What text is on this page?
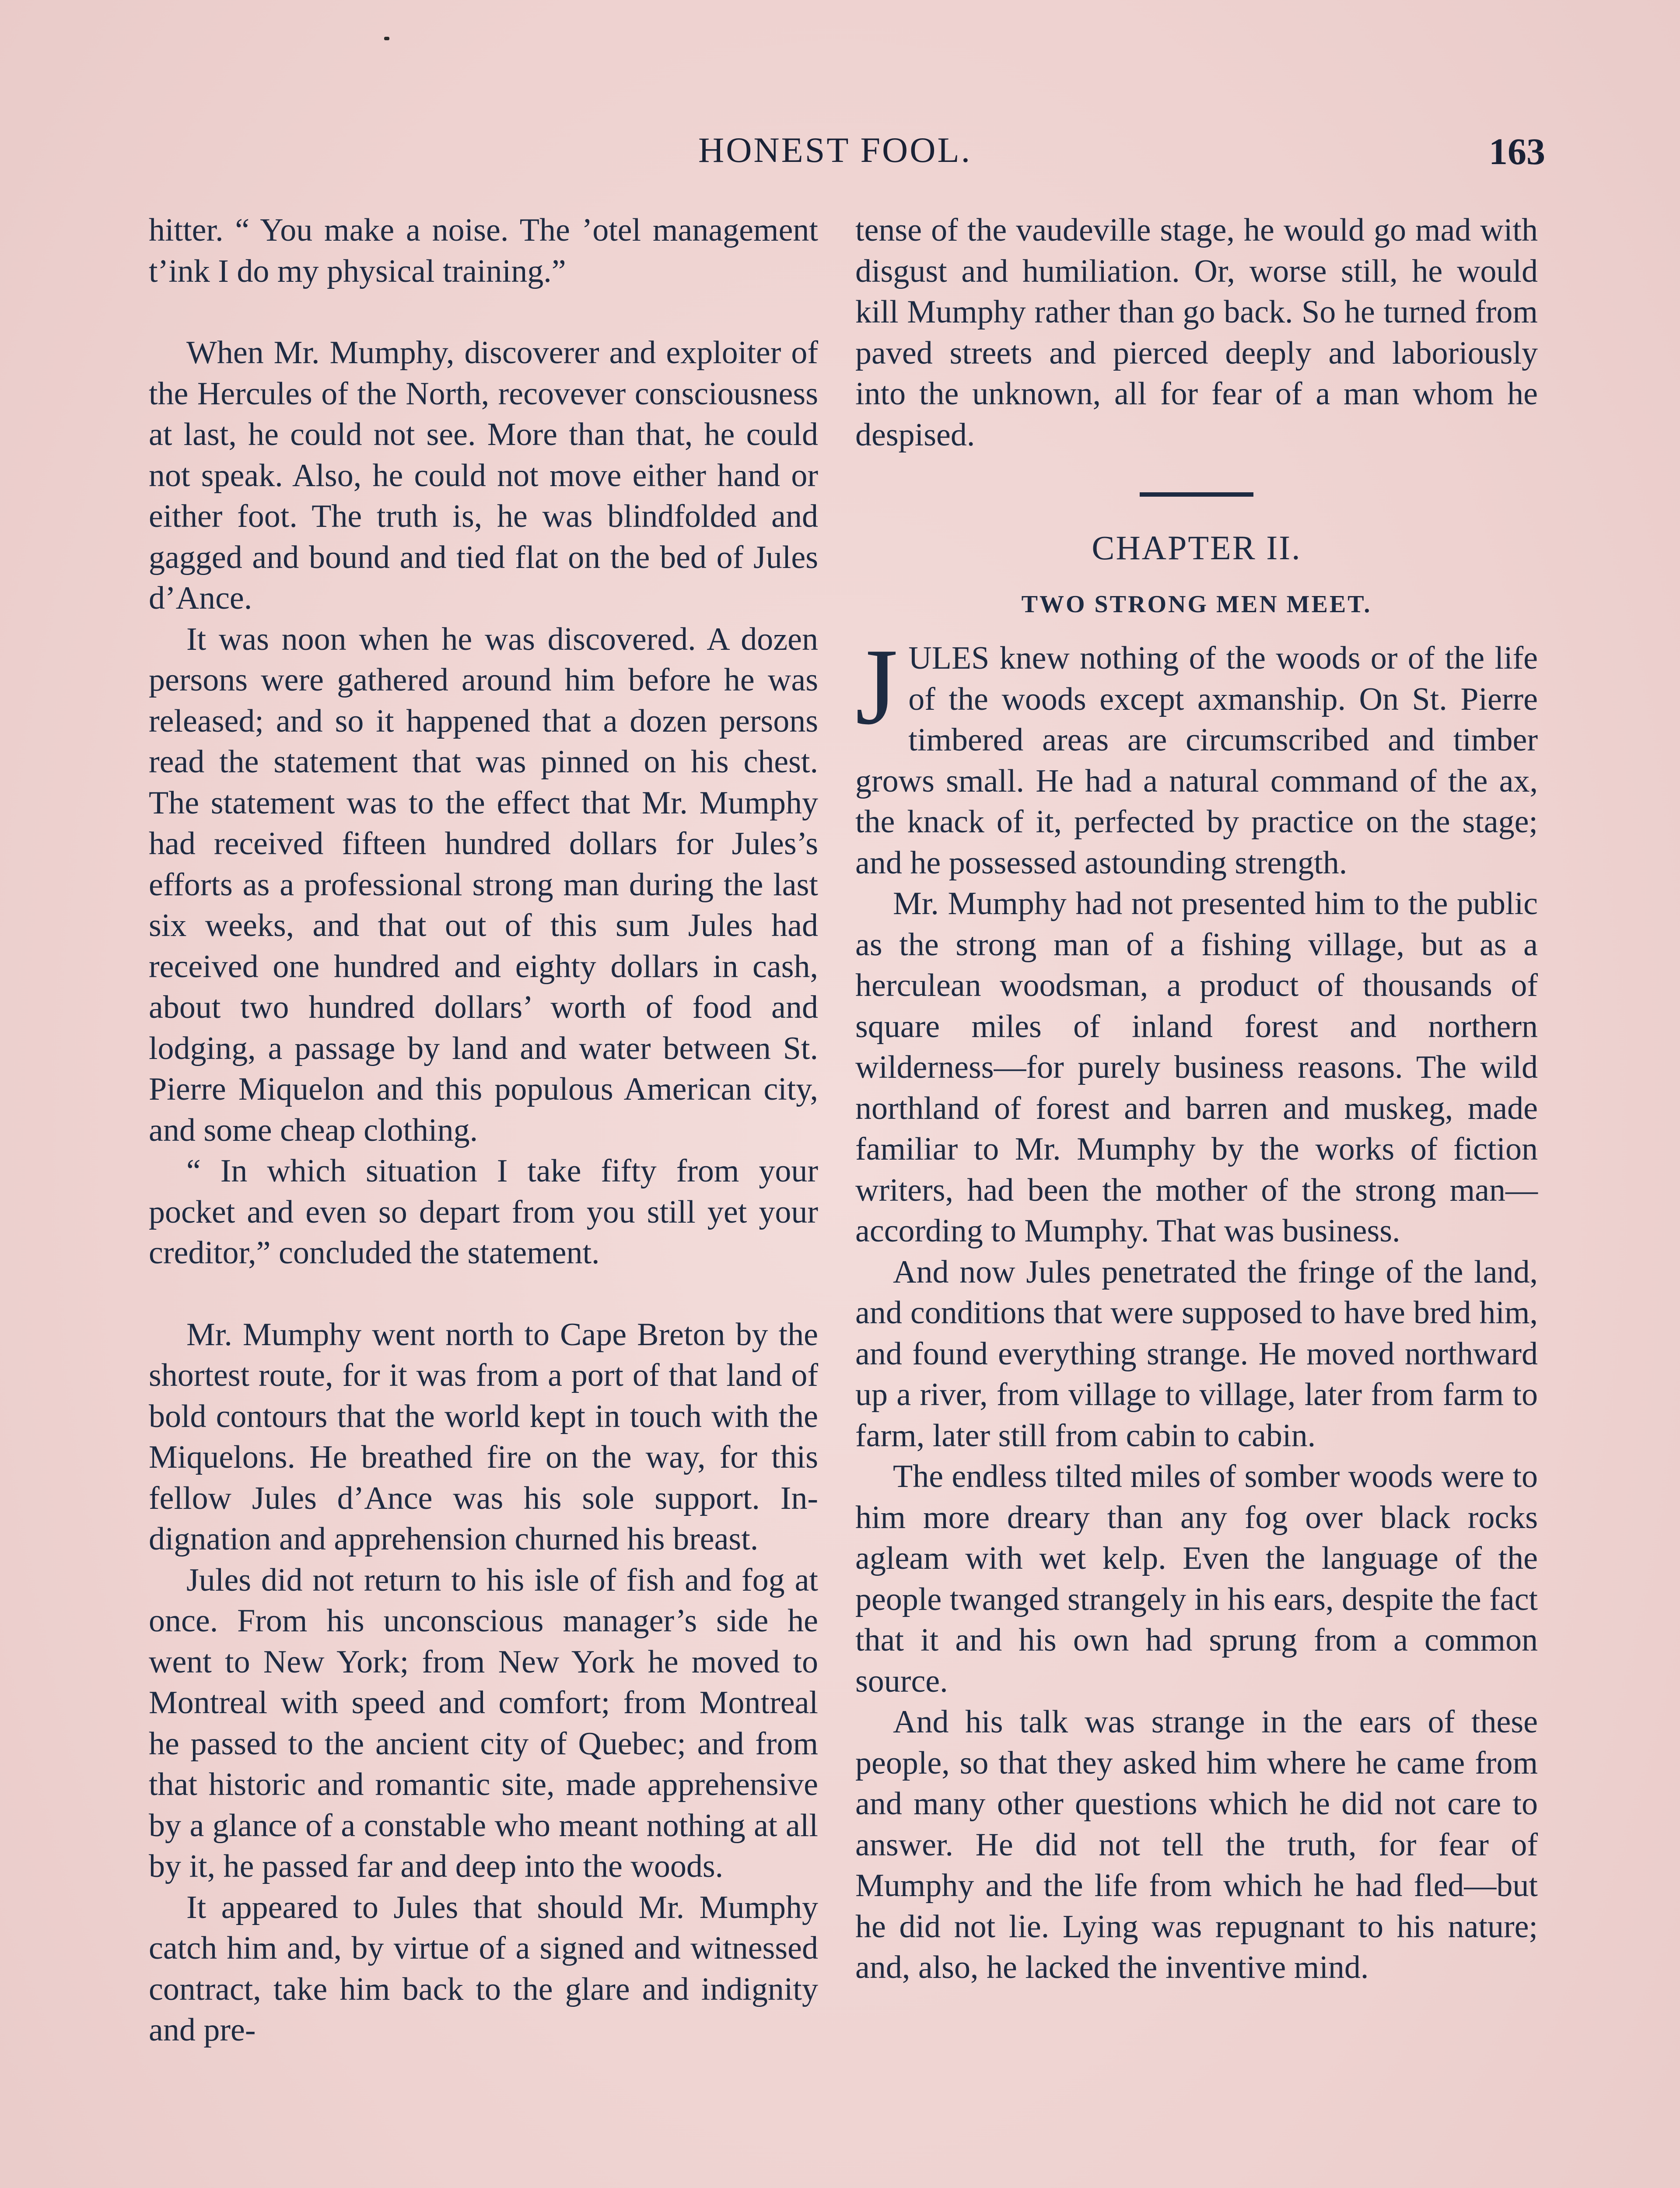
HONEST FOOL.	163

hitter. “ You make a noise. The ’otel management t’ink I do my physical training.”

When Mr. Mumphy, discoverer and exploiter of the Hercules of the North, recovever consciousness at last, he could not see. More than that, he could not speak. Also, he could not move either hand or either foot. The truth is, he was blindfolded and gagged and bound and tied flat on the bed of Jules d’Ance.

It was noon when he was discovered. A dozen persons were gathered around him before he was released; and so it happened that a dozen persons read the statement that was pinned on his chest. The statement was to the effect that Mr. Mumphy had received fifteen hundred dollars for Jules’s efforts as a professional strong man during the last six weeks, and that out of this sum Jules had received one hundred and eighty dollars in cash, about two hundred dollars’ worth of food and lodging, a passage by land and water between St. Pierre Miquelon and this populous American city, and some cheap clothing.

“ In which situation I take fifty from your pocket and even so depart from you still yet your creditor,” concluded the statement.

Mr. Mumphy went north to Cape Breton by the shortest route, for it was from a port of that land of bold contours that the world kept in touch with the Miquelons. He breathed fire on the way, for this fellow Jules d’Ance was his sole support. Indignation and apprehension churned his breast.

Jules did not return to his isle of fish and fog at once. From his unconscious manager’s side he went to New York; from New York he moved to Montreal with speed and comfort; from Montreal he passed to the ancient city of Quebec; and from that historic and romantic site, made apprehensive by a glance of a constable who meant nothing at all by it, he passed far and deep into the woods.

It appeared to Jules that should Mr. Mumphy catch him and, by virtue of a signed and witnessed contract, take him back to the glare and indignity and pre-

tense of the vaudeville stage, he would go mad with disgust and humiliation. Or, worse still, he would kill Mumphy rather than go back. So he turned from paved streets and pierced deeply and laboriously into the unknown, all for fear of a man whom he despised.

CHAPTER II.
TWO STRONG MEN MEET.

JULES knew nothing of the woods or of the life of the woods except axmanship. On St. Pierre timbered areas are circumscribed and timber grows small. He had a natural command of the ax, the knack of it, perfected by practice on the stage; and he possessed astounding strength.

Mr. Mumphy had not presented him to the public as the strong man of a fishing village, but as a herculean woodsman, a product of thousands of square miles of inland forest and northern wilderness—for purely business reasons. The wild northland of forest and barren and muskeg, made familiar to Mr. Mumphy by the works of fiction writers, had been the mother of the strong man—according to Mumphy. That was business.

And now Jules penetrated the fringe of the land, and conditions that were supposed to have bred him, and found everything strange. He moved northward up a river, from village to village, later from farm to farm, later still from cabin to cabin.

The endless tilted miles of somber woods were to him more dreary than any fog over black rocks agleam with wet kelp. Even the language of the people twanged strangely in his ears, despite the fact that it and his own had sprung from a common source.

And his talk was strange in the ears of these people, so that they asked him where he came from and many other questions which he did not care to answer. He did not tell the truth, for fear of Mumphy and the life from which he had fled—but he did not lie. Lying was repugnant to his nature; and, also, he lacked the inventive mind.
